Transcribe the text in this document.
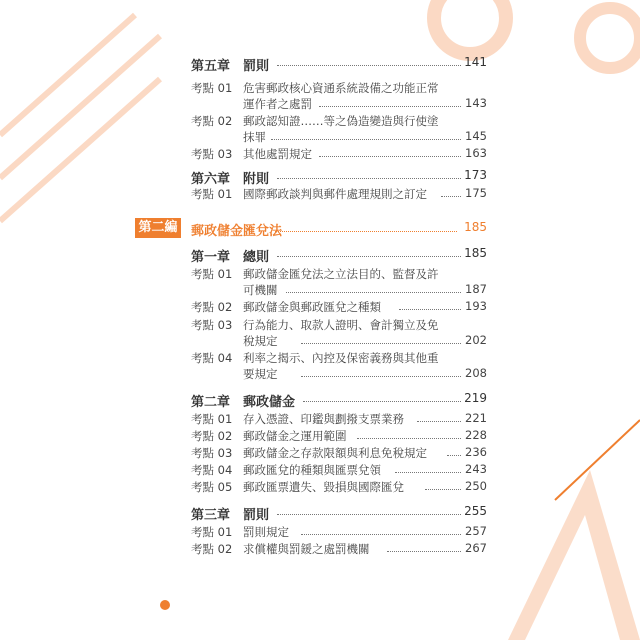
第五章 罰則	141
考點 01 危害郵政核心資通系統設備之功能正常
運作者之處罰	143
考點 02 郵政認知證……等之偽造變造與行使塗
抹罪	145
考點 03 其他處罰規定	163
第六章 附則	173
考點 01 國際郵政談判與郵件處理規則之訂定	175
第二編 郵政儲金匯兌法	185
第一章 總則	185
考點 01 郵政儲金匯兌法之立法目的、監督及許
可機關	187
考點 02 郵政儲金與郵政匯兌之種類	193
考點 03 行為能力、取款人證明、會計獨立及免
稅規定	202
考點 04 利率之揭示、內控及保密義務與其他重
要規定	208
第二章 郵政儲金	219
考點 01 存入憑證、印鑑與劃撥支票業務	221
考點 02 郵政儲金之運用範圍	228
考點 03 郵政儲金之存款限額與利息免稅規定	236
考點 04 郵政匯兌的種類與匯票兌領	243
考點 05 郵政匯票遺失、毀損與國際匯兌	250
第三章 罰則	255
考點 01 罰則規定	257
考點 02 求償權與罰鍰之處罰機關	267
